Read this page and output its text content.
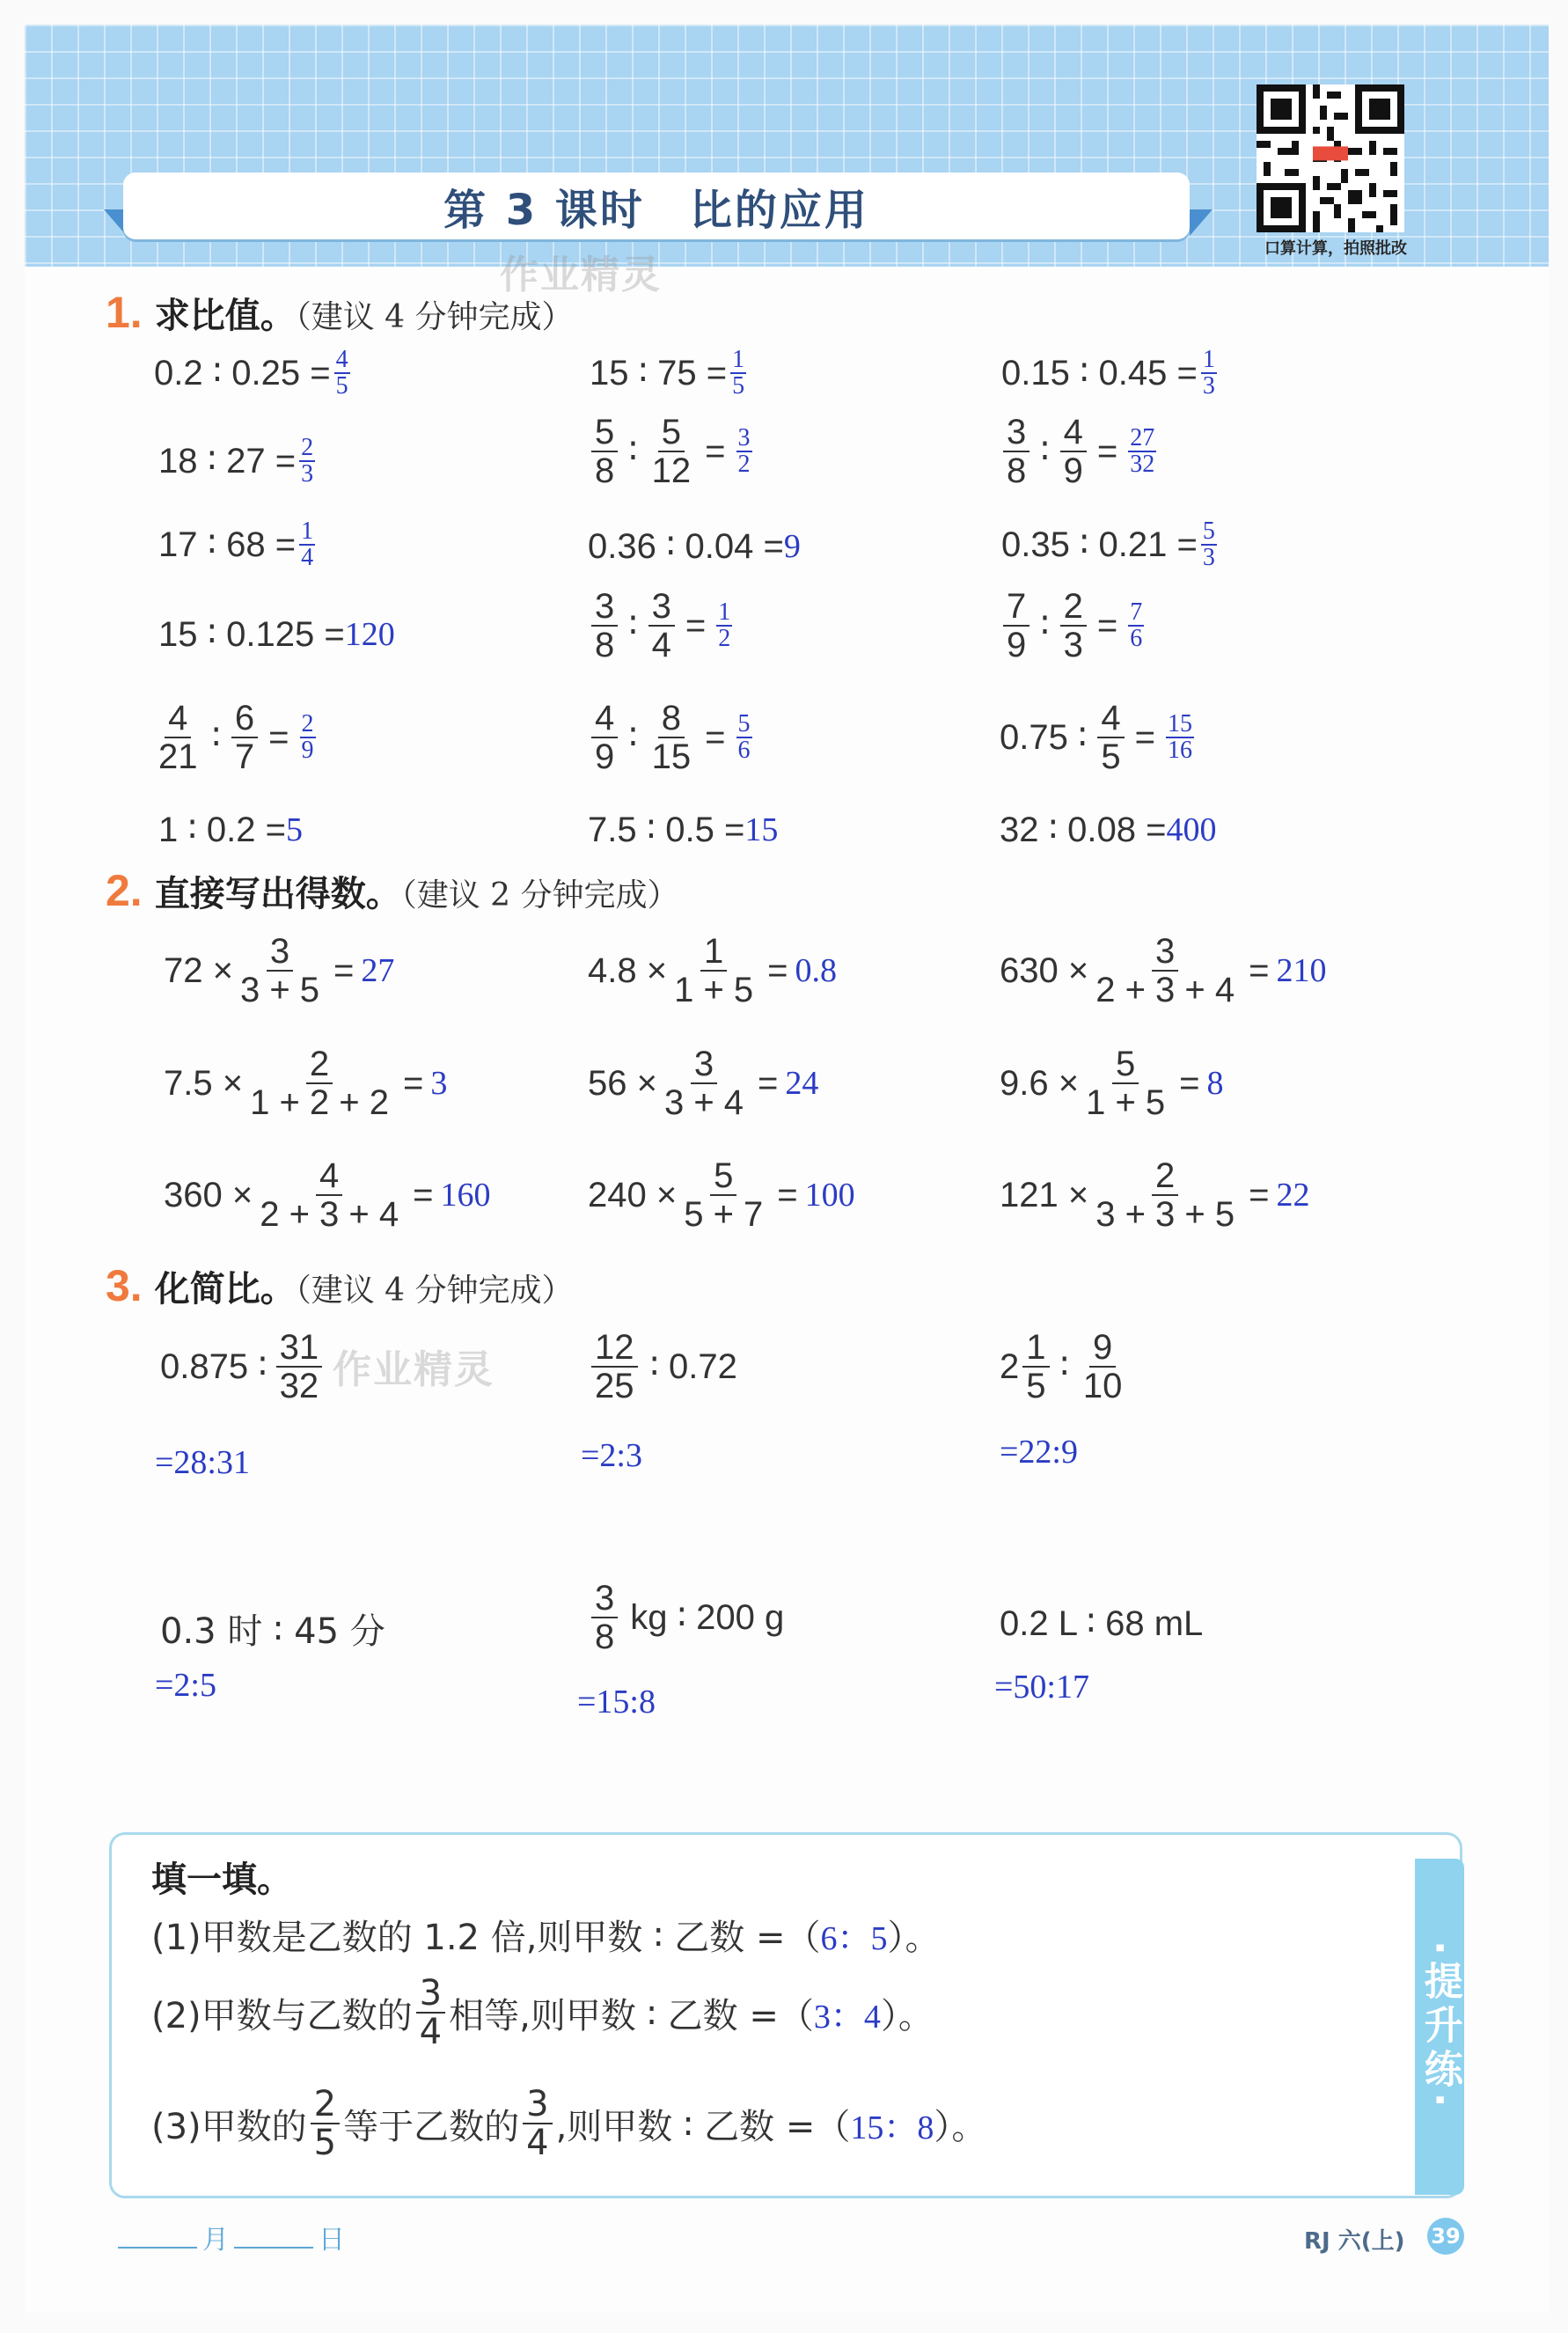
第 3 课时　比的应用
口算计算，拍照批改
作业精灵
1. 求比值。（建议 4 分钟完成）
0.2 ∶ $0.25 = \frac{4}{5}$	15 ∶ $75 = \frac{1}{5}$	0.15 ∶ $0.45 = \frac{1}{3}$
18 ∶ $27 = \frac{2}{3}$	$\frac{5}{8}$ ∶ $\frac{5}{12} = \frac{3}{2}$	$\frac{3}{8}$ ∶ $\frac{4}{9} = \frac{27}{32}$
17 ∶ $68 = \frac{1}{4}$	0.36 ∶ 0.04 = 9	0.35 ∶ $0.21 = \frac{5}{3}$
15 ∶ 0.125 = 120	$\frac{3}{8}$ ∶ $\frac{3}{4} = \frac{1}{2}$	$\frac{7}{9}$ ∶ $\frac{2}{3} = \frac{7}{6}$
$\frac{4}{21}$ ∶ $\frac{6}{7} = \frac{2}{9}$	$\frac{4}{9}$ ∶ $\frac{8}{15} = \frac{5}{6}$	0.75 ∶ $\frac{4}{5} = \frac{15}{16}$
1 ∶ 0.2 = 5	7.5 ∶ 0.5 = 15	32 ∶ 0.08 = 400
2. 直接写出得数。（建议 2 分钟完成）
$72 \times \frac{3}{3 + 5} = 27$	$4.8 \times \frac{1}{1 + 5} = 0.8$	$630 \times \frac{3}{2 + 3 + 4} = 210$
$7.5 \times \frac{2}{1 + 2 + 2} = 3$	$56 \times \frac{3}{3 + 4} = 24$	$9.6 \times \frac{5}{1 + 5} = 8$
$360 \times \frac{4}{2 + 3 + 4} = 160$	$240 \times \frac{5}{5 + 7} = 100$	$121 \times \frac{2}{3 + 3 + 5} = 22$
3. 化简比。（建议 4 分钟完成）
0.875 ∶ $\frac{31}{32}$ 作业精灵
=28:31
$\frac{12}{25}$ ∶ 0.72
=2:3
$2 \frac{1}{5}$ ∶ $\frac{9}{10}$
=22:9
0.3 时 ∶ 45 分
=2:5
$\frac{3}{8}$ kg ∶ 200 g
=15:8
0.2 L ∶ 68 mL
=50:17
·提升练·
填一填。
(1)甲数是乙数的 1.2 倍,则甲数 ∶ 乙数 =（ 6：5 ）。
(2)甲数与乙数的 $\frac{3}{4}$ 相等,则甲数 ∶ 乙数 =（ 3：4 ）。
(3)甲数的 $\frac{2}{5}$ 等于乙数的 $\frac{3}{4}$ ,则甲数 ∶ 乙数 =（ 15：8 ）。
月	日	RJ 六(上) 39
